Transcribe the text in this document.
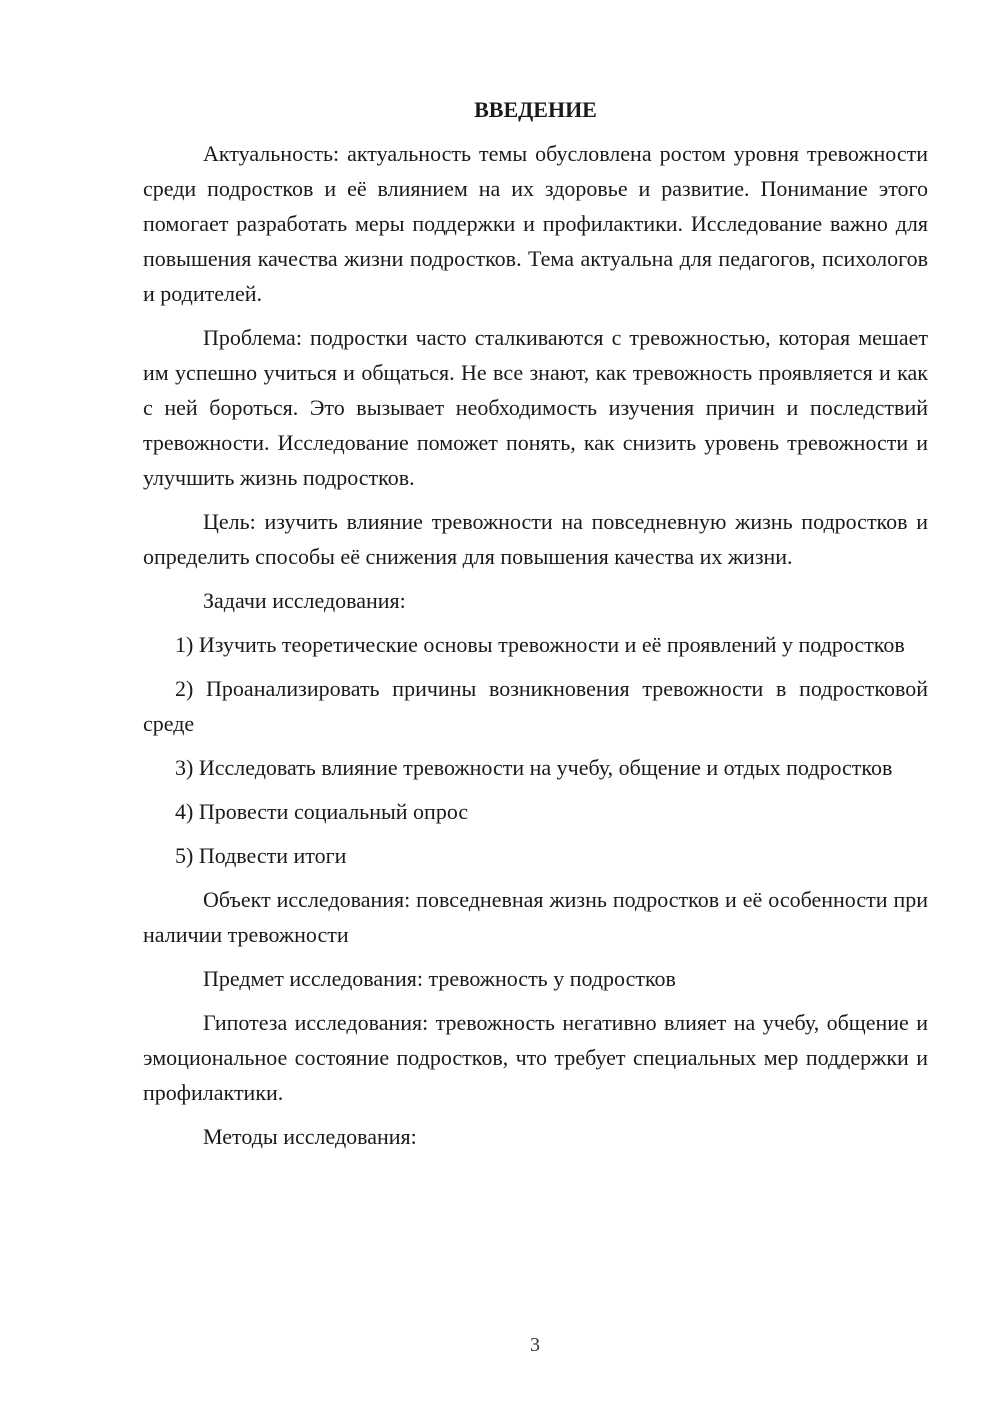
ВВЕДЕНИЕ

Актуальность: актуальность темы обусловлена ростом уровня тревожности среди подростков и её влиянием на их здоровье и развитие. Понимание этого помогает разработать меры поддержки и профилактики. Исследование важно для повышения качества жизни подростков. Тема актуальна для педагогов, психологов и родителей.

Проблема: подростки часто сталкиваются с тревожностью, которая мешает им успешно учиться и общаться. Не все знают, как тревожность проявляется и как с ней бороться. Это вызывает необходимость изучения причин и последствий тревожности. Исследование поможет понять, как снизить уровень тревожности и улучшить жизнь подростков.

Цель: изучить влияние тревожности на повседневную жизнь подростков и определить способы её снижения для повышения качества их жизни.

Задачи исследования:

1) Изучить теоретические основы тревожности и её проявлений у подростков

2) Проанализировать причины возникновения тревожности в подростковой среде

3) Исследовать влияние тревожности на учебу, общение и отдых подростков

4) Провести социальный опрос

5) Подвести итоги

Объект исследования: повседневная жизнь подростков и её особенности при наличии тревожности

Предмет исследования: тревожность у подростков

Гипотеза исследования: тревожность негативно влияет на учебу, общение и эмоциональное состояние подростков, что требует специальных мер поддержки и профилактики.

Методы исследования:

3
